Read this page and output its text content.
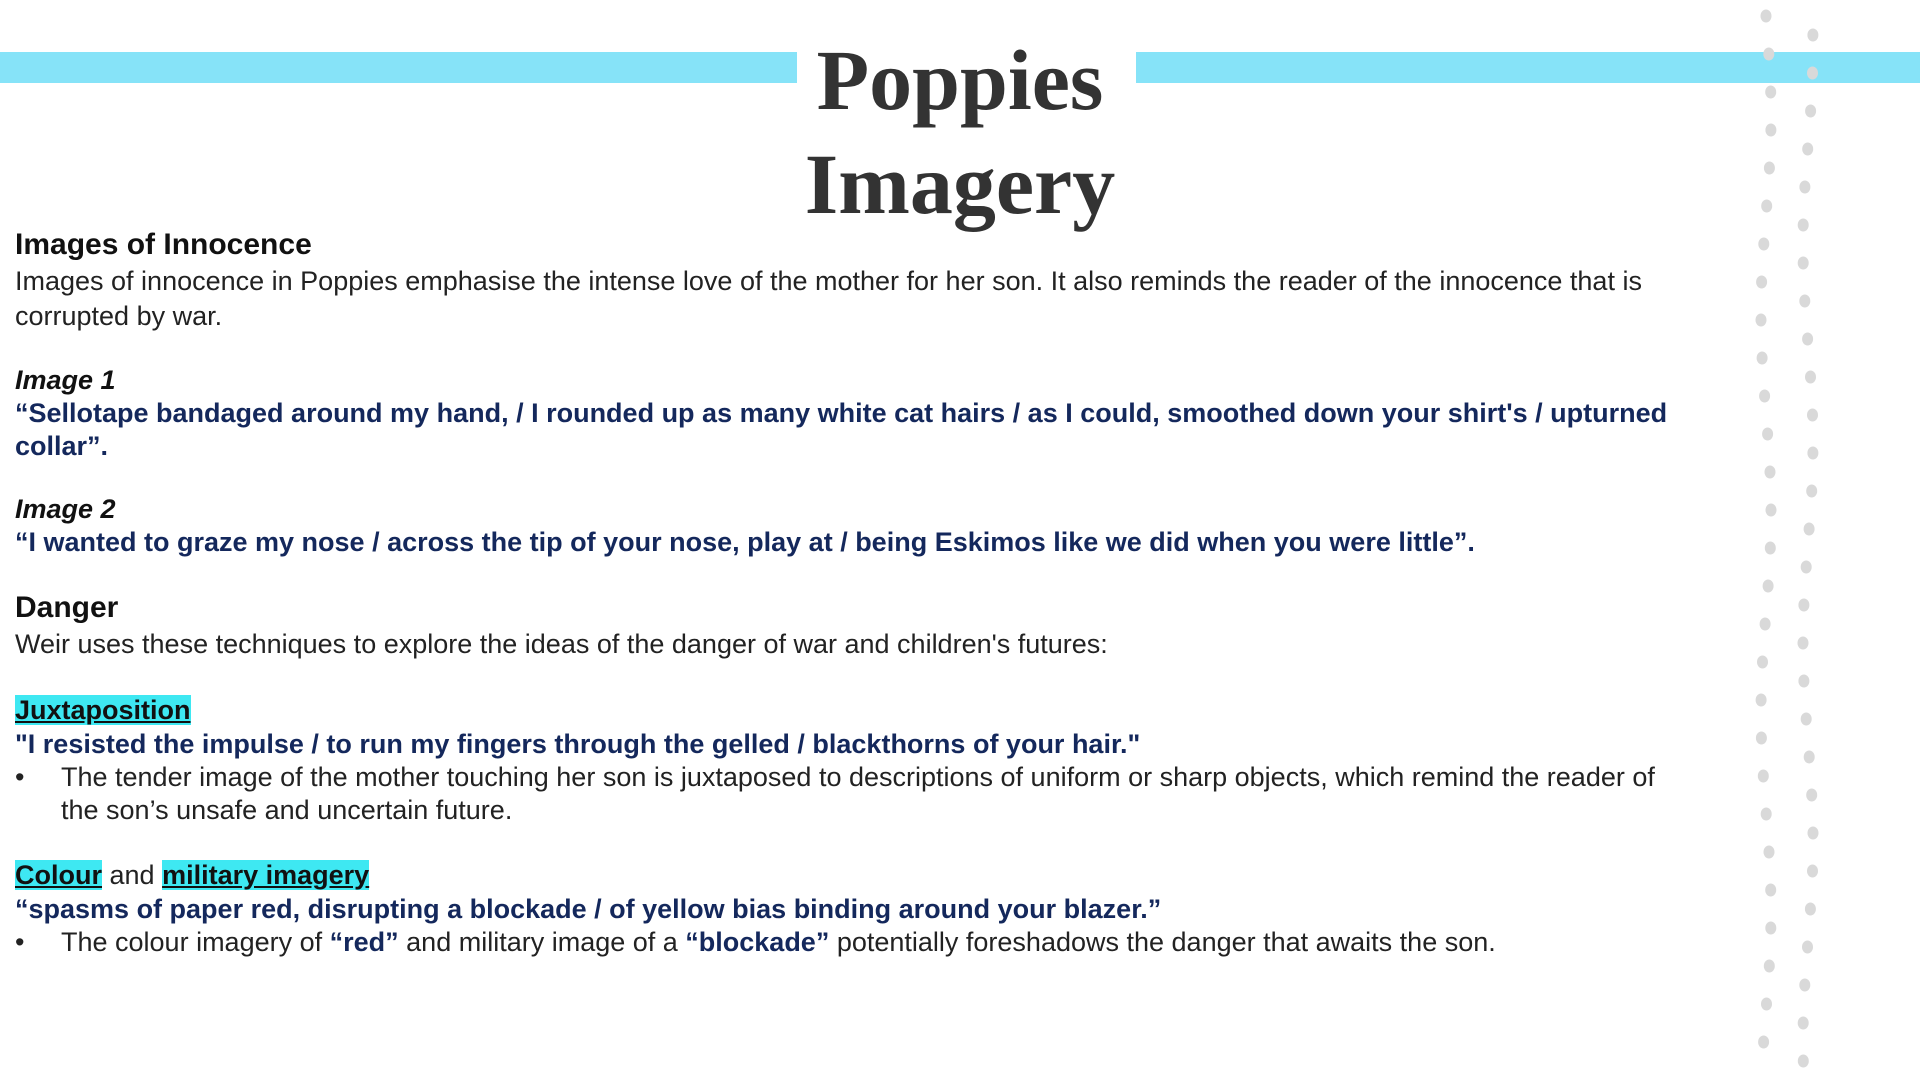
Poppies
Imagery

Images of Innocence

Images of innocence in Poppies emphasise the intense love of the mother for her son. It also reminds the reader of the innocence that is corrupted by war.

Image 1

“Sellotape bandaged around my hand, / I rounded up as many white cat hairs / as I could, smoothed down your shirt's / upturned collar”.

Image 2

“I wanted to graze my nose / across the tip of your nose, play at / being Eskimos like we did when you were little”.

Danger

Weir uses these techniques to explore the ideas of the danger of war and children's futures:

Juxtaposition

"I resisted the impulse / to run my fingers through the gelled / blackthorns of your hair."

• The tender image of the mother touching her son is juxtaposed to descriptions of uniform or sharp objects, which remind the reader of the son’s unsafe and uncertain future.

Colour and military imagery

“spasms of paper red, disrupting a blockade / of yellow bias binding around your blazer.”

• The colour imagery of “red” and military image of a “blockade” potentially foreshadows the danger that awaits the son.
